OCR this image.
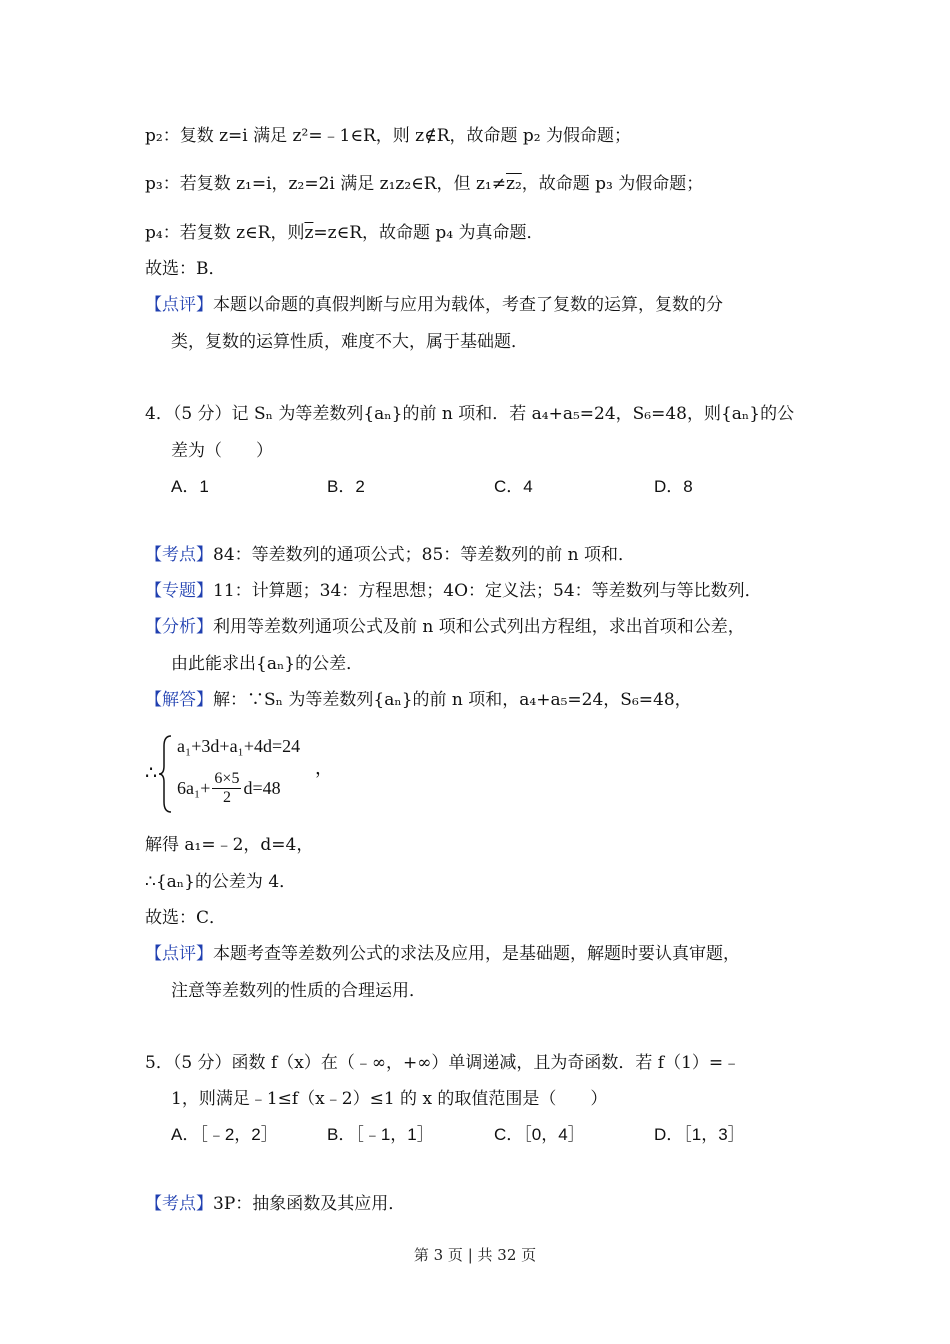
p₂：复数 z=i 满足 z²=﹣1∈R，则 z∉R，故命题 p₂ 为假命题；
p₃：若复数 z₁=i，z₂=2i 满足 z₁z₂∈R，但 z₁≠z₂，故命题 p₃ 为假命题；
p₄：若复数 z∈R，则$\overline{z}=z\in R$，故命题 p₄ 为真命题．
故选：B．
【点评】本题以命题的真假判断与应用为载体，考查了复数的运算，复数的分
类，复数的运算性质，难度不大，属于基础题．
4．（5 分）记 Sₙ 为等差数列{aₙ}的前 n 项和．若 a₄+a₅=24，S₆=48，则{aₙ}的公
差为（　　）
A．1	B．2	C．4	D．8
【考点】84：等差数列的通项公式；85：等差数列的前 n 项和．
【专题】11：计算题；34：方程思想；4O：定义法；54：等差数列与等比数列．
【分析】利用等差数列通项公式及前 n 项和公式列出方程组，求出首项和公差，
由此能求出{aₙ}的公差．
【解答】解：∵Sₙ 为等差数列{aₙ}的前 n 项和，a₄+a₅=24，S₆=48，
∴
a₁+3d+a₁+4d=24
$6a_1+ \frac{6\times 5}{2} d=48$
，
解得 a₁=﹣2，d=4，
∴{aₙ}的公差为 4．
故选：C．
【点评】本题考查等差数列公式的求法及应用，是基础题，解题时要认真审题，
注意等差数列的性质的合理运用．
5．（5 分）函数 f（x）在（﹣∞，+∞）单调递减，且为奇函数．若 f（1）=﹣
1，则满足﹣1≤f（x﹣2）≤1 的 x 的取值范围是（　　）
A．［﹣2，2］	B．［﹣1，1］	C．［0，4］	D．［1，3］
【考点】3P：抽象函数及其应用．
第 3 页 | 共 32 页
